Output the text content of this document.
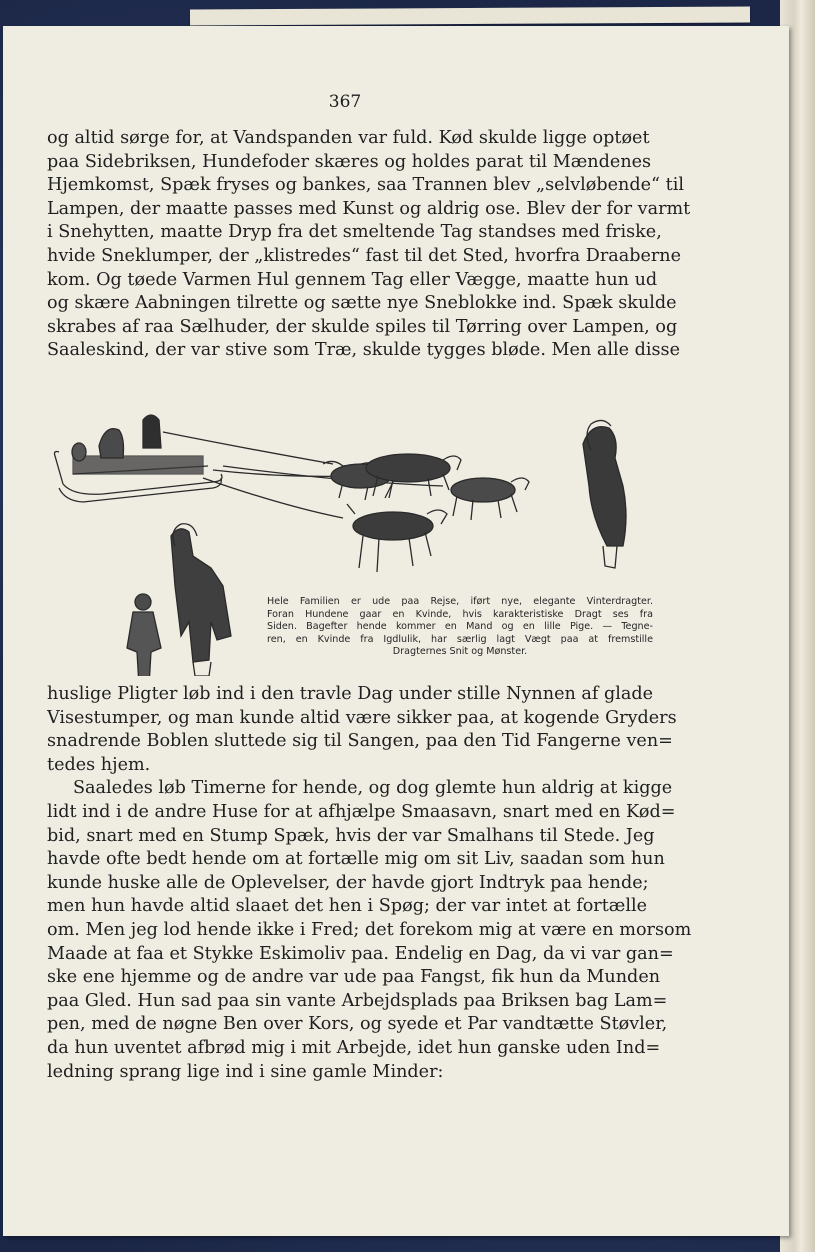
367
og altid sørge for, at Vandspanden var fuld. Kød skulde ligge optøet
paa Sidebriksen, Hundefoder skæres og holdes parat til Mændenes
Hjemkomst, Spæk fryses og bankes, saa Trannen blev „selvløbende“ til
Lampen, der maatte passes med Kunst og aldrig ose. Blev der for varmt
i Snehytten, maatte Dryp fra det smeltende Tag standses med friske,
hvide Sneklumper, der „klistredes“ fast til det Sted, hvorfra Draaberne
kom. Og tøede Varmen Hul gennem Tag eller Vægge, maatte hun ud
og skære Aabningen tilrette og sætte nye Sneblokke ind. Spæk skulde
skrabes af raa Sælhuder, der skulde spiles til Tørring over Lampen, og
Saaleskind, der var stive som Træ, skulde tygges bløde. Men alle disse
Hele Familien er ude paa Rejse, iført nye, elegante Vinterdragter.
Foran Hundene gaar en Kvinde, hvis karakteristiske Dragt ses fra
Siden. Bagefter hende kommer en Mand og en lille Pige. — Tegne-
ren, en Kvinde fra Igdlulik, har særlig lagt Vægt paa at fremstille
Dragternes Snit og Mønster.
huslige Pligter løb ind i den travle Dag under stille Nynnen af glade
Visestumper, og man kunde altid være sikker paa, at kogende Gryders
snadrende Boblen sluttede sig til Sangen, paa den Tid Fangerne ven=
tedes hjem.
Saaledes løb Timerne for hende, og dog glemte hun aldrig at kigge
lidt ind i de andre Huse for at afhjælpe Smaasavn, snart med en Kød=
bid, snart med en Stump Spæk, hvis der var Smalhans til Stede. Jeg
havde ofte bedt hende om at fortælle mig om sit Liv, saadan som hun
kunde huske alle de Oplevelser, der havde gjort Indtryk paa hende;
men hun havde altid slaaet det hen i Spøg; der var intet at fortælle
om. Men jeg lod hende ikke i Fred; det forekom mig at være en morsom
Maade at faa et Stykke Eskimoliv paa. Endelig en Dag, da vi var gan=
ske ene hjemme og de andre var ude paa Fangst, fik hun da Munden
paa Gled. Hun sad paa sin vante Arbejdsplads paa Briksen bag Lam=
pen, med de nøgne Ben over Kors, og syede et Par vandtætte Støvler,
da hun uventet afbrød mig i mit Arbejde, idet hun ganske uden Ind=
ledning sprang lige ind i sine gamle Minder:
